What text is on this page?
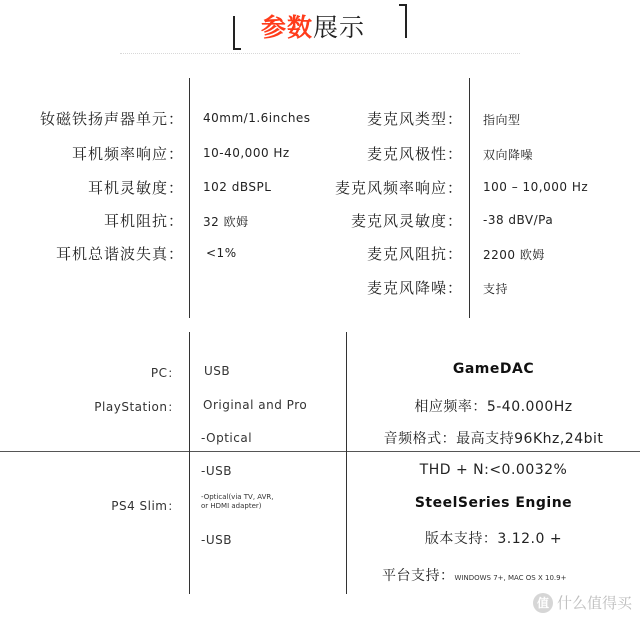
参数展示
钕磁铁扬声器单元： 40mm/1.6inches
耳机频率响应： 10-40,000 Hz
耳机灵敏度： 102 dBSPL
耳机阻抗： 32 欧姆
耳机总谐波失真： <1%
麦克风类型： 指向型
麦克风极性： 双向降噪
麦克风频率响应： 100 – 10,000 Hz
麦克风灵敏度： -38 dBV/Pa
麦克风阻抗： 2200 欧姆
麦克风降噪： 支持
PC： USB
PlayStation： Original and Pro
-Optical
-USB
PS4 Slim：
-Optical(via TV, AVR,
or HDMI adapter)
-USB
GameDAC
相应频率：5-40.000Hz
音频格式：最高支持96Khz,24bit
THD + N:<0.0032%
SteelSeries Engine
版本支持：3.12.0 +
平台支持：WINDOWS 7+, MAC OS X 10.9+
值 什么值得买
